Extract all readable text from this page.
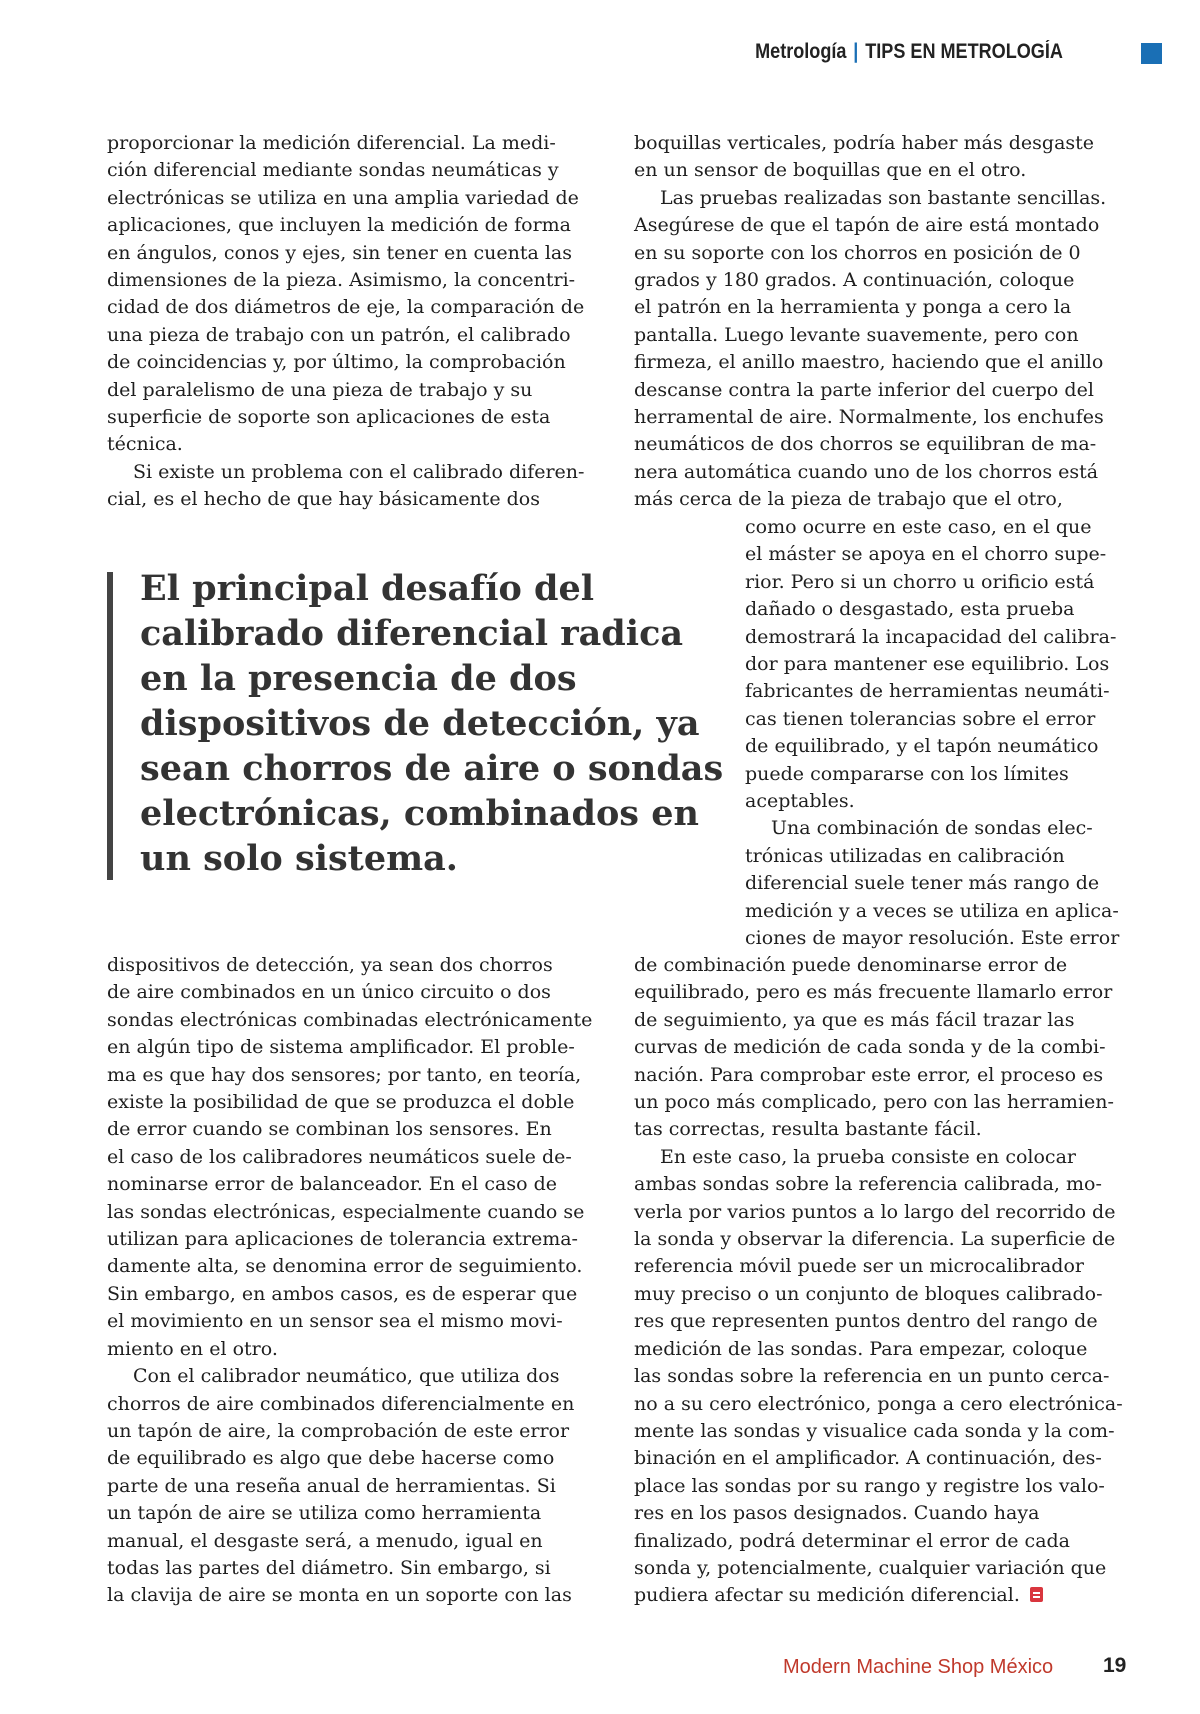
Metrología | TIPS EN METROLOGÍA
proporcionar la medición diferencial. La medi-
ción diferencial mediante sondas neumáticas y
electrónicas se utiliza en una amplia variedad de
aplicaciones, que incluyen la medición de forma
en ángulos, conos y ejes, sin tener en cuenta las
dimensiones de la pieza. Asimismo, la concentri-
cidad de dos diámetros de eje, la comparación de
una pieza de trabajo con un patrón, el calibrado
de coincidencias y, por último, la comprobación
del paralelismo de una pieza de trabajo y su
superficie de soporte son aplicaciones de esta
técnica.
Si existe un problema con el calibrado diferen-
cial, es el hecho de que hay básicamente dos
El principal desafío del
calibrado diferencial radica
en la presencia de dos
dispositivos de detección, ya
sean chorros de aire o sondas
electrónicas, combinados en
un solo sistema.
dispositivos de detección, ya sean dos chorros
de aire combinados en un único circuito o dos
sondas electrónicas combinadas electrónicamente
en algún tipo de sistema amplificador. El proble-
ma es que hay dos sensores; por tanto, en teoría,
existe la posibilidad de que se produzca el doble
de error cuando se combinan los sensores. En
el caso de los calibradores neumáticos suele de-
nominarse error de balanceador. En el caso de
las sondas electrónicas, especialmente cuando se
utilizan para aplicaciones de tolerancia extrema-
damente alta, se denomina error de seguimiento.
Sin embargo, en ambos casos, es de esperar que
el movimiento en un sensor sea el mismo movi-
miento en el otro.
Con el calibrador neumático, que utiliza dos
chorros de aire combinados diferencialmente en
un tapón de aire, la comprobación de este error
de equilibrado es algo que debe hacerse como
parte de una reseña anual de herramientas. Si
un tapón de aire se utiliza como herramienta
manual, el desgaste será, a menudo, igual en
todas las partes del diámetro. Sin embargo, si
la clavija de aire se monta en un soporte con las
boquillas verticales, podría haber más desgaste
en un sensor de boquillas que en el otro.
Las pruebas realizadas son bastante sencillas.
Asegúrese de que el tapón de aire está montado
en su soporte con los chorros en posición de 0
grados y 180 grados. A continuación, coloque
el patrón en la herramienta y ponga a cero la
pantalla. Luego levante suavemente, pero con
firmeza, el anillo maestro, haciendo que el anillo
descanse contra la parte inferior del cuerpo del
herramental de aire. Normalmente, los enchufes
neumáticos de dos chorros se equilibran de ma-
nera automática cuando uno de los chorros está
más cerca de la pieza de trabajo que el otro,
como ocurre en este caso, en el que
el máster se apoya en el chorro supe-
rior. Pero si un chorro u orificio está
dañado o desgastado, esta prueba
demostrará la incapacidad del calibra-
dor para mantener ese equilibrio. Los
fabricantes de herramientas neumáti-
cas tienen tolerancias sobre el error
de equilibrado, y el tapón neumático
puede compararse con los límites
aceptables.
Una combinación de sondas elec-
trónicas utilizadas en calibración
diferencial suele tener más rango de
medición y a veces se utiliza en aplica-
ciones de mayor resolución. Este error
de combinación puede denominarse error de
equilibrado, pero es más frecuente llamarlo error
de seguimiento, ya que es más fácil trazar las
curvas de medición de cada sonda y de la combi-
nación. Para comprobar este error, el proceso es
un poco más complicado, pero con las herramien-
tas correctas, resulta bastante fácil.
En este caso, la prueba consiste en colocar
ambas sondas sobre la referencia calibrada, mo-
verla por varios puntos a lo largo del recorrido de
la sonda y observar la diferencia. La superficie de
referencia móvil puede ser un microcalibrador
muy preciso o un conjunto de bloques calibrado-
res que representen puntos dentro del rango de
medición de las sondas. Para empezar, coloque
las sondas sobre la referencia en un punto cerca-
no a su cero electrónico, ponga a cero electrónica-
mente las sondas y visualice cada sonda y la com-
binación en el amplificador. A continuación, des-
place las sondas por su rango y registre los valo-
res en los pasos designados. Cuando haya
finalizado, podrá determinar el error de cada
sonda y, potencialmente, cualquier variación que
pudiera afectar su medición diferencial.
Modern Machine Shop México 19
